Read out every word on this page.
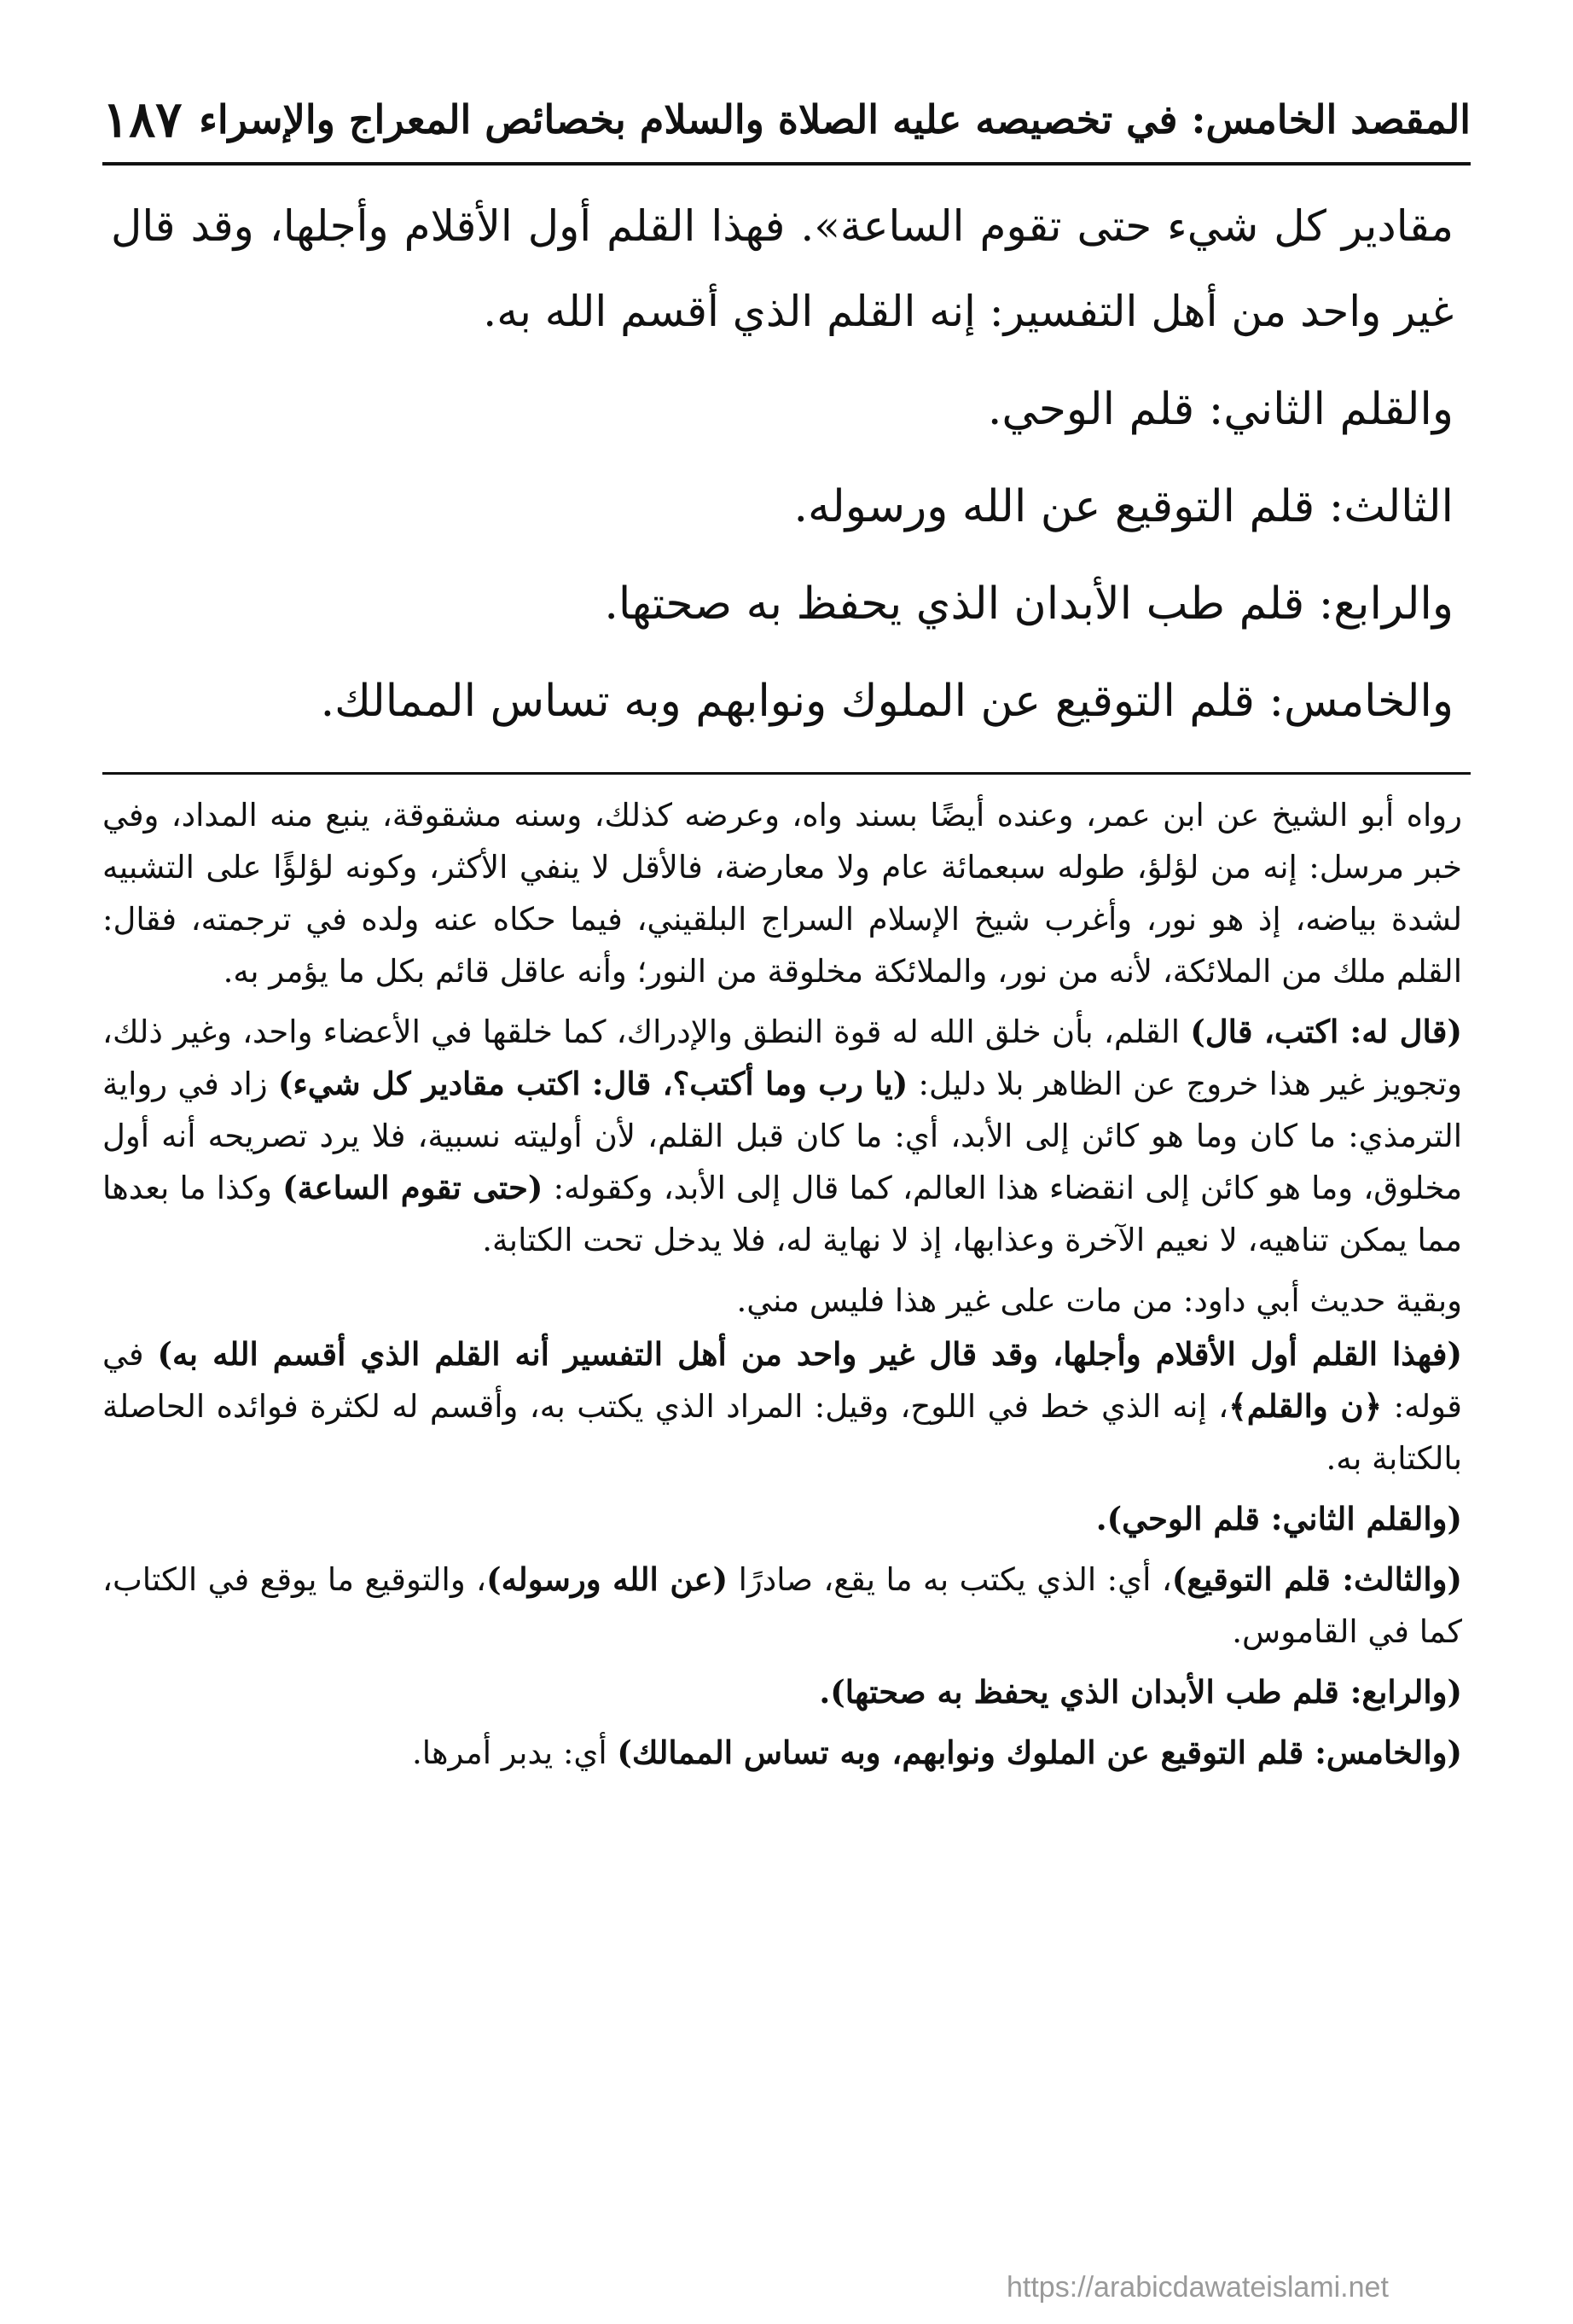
المقصد الخامس: في تخصيصه عليه الصلاة والسلام بخصائص المعراج والإسراء
١٨٧

مقادير كل شيء حتى تقوم الساعة». فهذا القلم أول الأقلام وأجلها، وقد قال غير واحد من أهل التفسير: إنه القلم الذي أقسم الله به.

والقلم الثاني: قلم الوحي.

الثالث: قلم التوقيع عن الله ورسوله.

والرابع: قلم طب الأبدان الذي يحفظ به صحتها.

والخامس: قلم التوقيع عن الملوك ونوابهم وبه تساس الممالك.

رواه أبو الشيخ عن ابن عمر، وعنده أيضًا بسند واه، وعرضه كذلك، وسنه مشقوقة، ينبع منه المداد، وفي خبر مرسل: إنه من لؤلؤ، طوله سبعمائة عام ولا معارضة، فالأقل لا ينفي الأكثر، وكونه لؤلؤًا على التشبيه لشدة بياضه، إذ هو نور، وأغرب شيخ الإسلام السراج البلقيني، فيما حكاه عنه ولده في ترجمته، فقال: القلم ملك من الملائكة، لأنه من نور، والملائكة مخلوقة من النور؛ وأنه عاقل قائم بكل ما يؤمر به.

(قال له: اكتب، قال) القلم، بأن خلق الله له قوة النطق والإدراك، كما خلقها في الأعضاء واحد، وغير ذلك، وتجويز غير هذا خروج عن الظاهر بلا دليل: (يا رب وما أكتب؟، قال: اكتب مقادير كل شيء) زاد في رواية الترمذي: ما كان وما هو كائن إلى الأبد، أي: ما كان قبل القلم، لأن أوليته نسبية، فلا يرد تصريحه أنه أول مخلوق، وما هو كائن إلى انقضاء هذا العالم، كما قال إلى الأبد، وكقوله: (حتى تقوم الساعة) وكذا ما بعدها مما يمكن تناهيه، لا نعيم الآخرة وعذابها، إذ لا نهاية له، فلا يدخل تحت الكتابة.

وبقية حديث أبي داود: من مات على غير هذا فليس مني.

(فهذا القلم أول الأقلام وأجلها، وقد قال غير واحد من أهل التفسير أنه القلم الذي أقسم الله به) في قوله: ﴿ن والقلم﴾، إنه الذي خط في اللوح، وقيل: المراد الذي يكتب به، وأقسم له لكثرة فوائده الحاصلة بالكتابة به.

(والقلم الثاني: قلم الوحي).

(والثالث: قلم التوقيع)، أي: الذي يكتب به ما يقع، صادرًا (عن الله ورسوله)، والتوقيع ما يوقع في الكتاب، كما في القاموس.

(والرابع: قلم طب الأبدان الذي يحفظ به صحتها).

(والخامس: قلم التوقيع عن الملوك ونوابهم، وبه تساس الممالك) أي: يدبر أمرها.

https://arabicdawateislami.net
